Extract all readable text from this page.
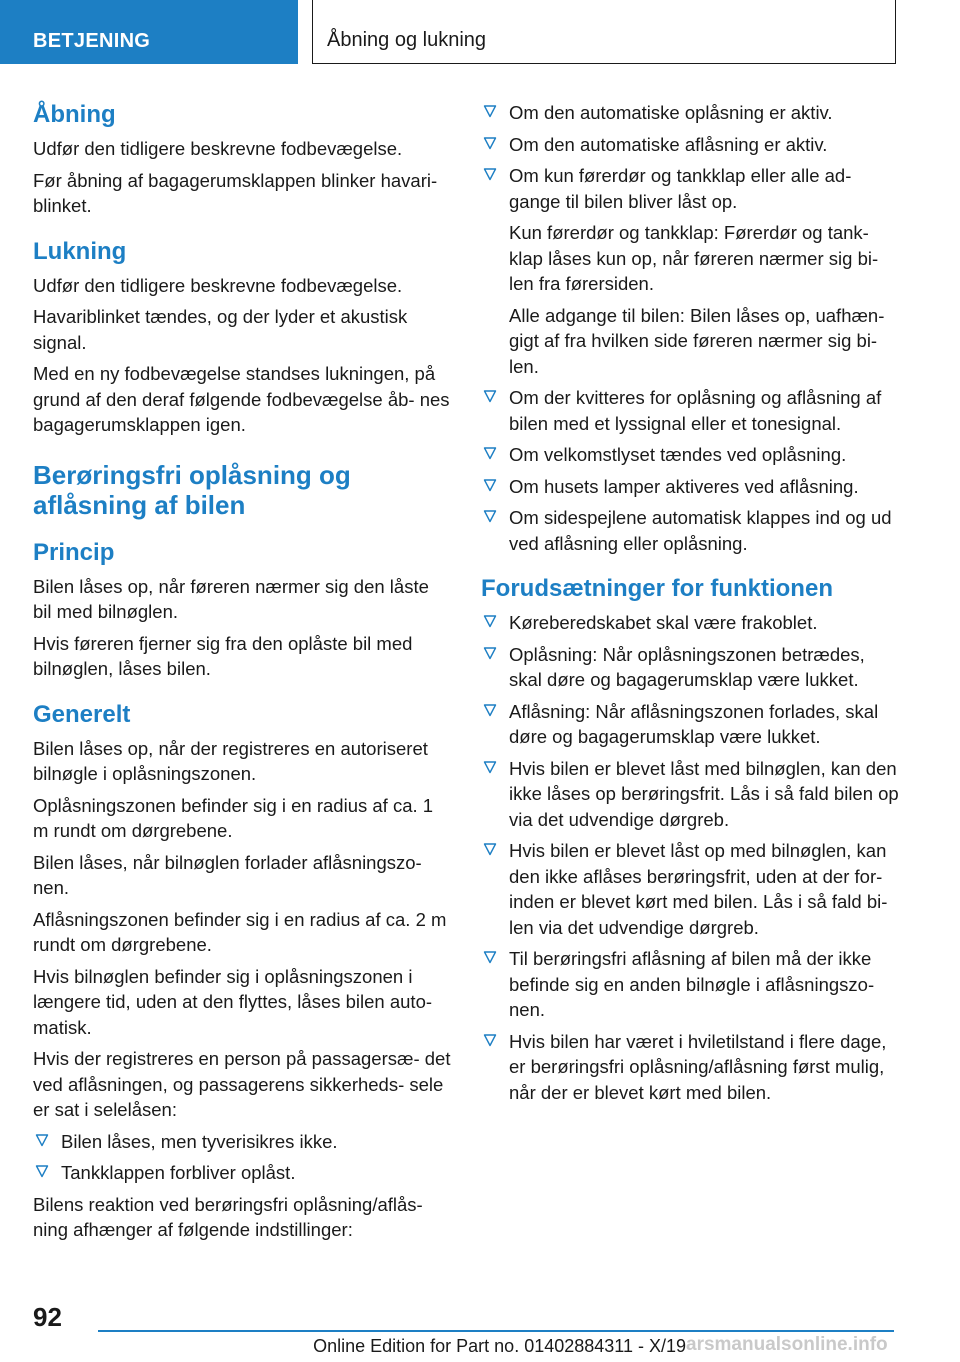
BETJENING	Åbning og lukning
Åbning
Udfør den tidligere beskrevne fodbevægelse.
Før åbning af bagagerumsklappen blinker havari- blinket.
Lukning
Udfør den tidligere beskrevne fodbevægelse.
Havariblinket tændes, og der lyder et akustisk signal.
Med en ny fodbevægelse standses lukningen, på grund af den deraf følgende fodbevægelse åb- nes bagagerumsklappen igen.
Berøringsfri oplåsning og aflåsning af bilen
Princip
Bilen låses op, når føreren nærmer sig den låste bil med bilnøglen.
Hvis føreren fjerner sig fra den oplåste bil med bilnøglen, låses bilen.
Generelt
Bilen låses op, når der registreres en autoriseret bilnøgle i oplåsningszonen.
Oplåsningszonen befinder sig i en radius af ca. 1 m rundt om dørgrebene.
Bilen låses, når bilnøglen forlader aflåsningszo- nen.
Aflåsningszonen befinder sig i en radius af ca. 2 m rundt om dørgrebene.
Hvis bilnøglen befinder sig i oplåsningszonen i længere tid, uden at den flyttes, låses bilen auto- matisk.
Hvis der registreres en person på passagersæ- det ved aflåsningen, og passagerens sikkerheds- sele er sat i selelåsen:
Bilen låses, men tyverisikres ikke.
Tankklappen forbliver oplåst.
Bilens reaktion ved berøringsfri oplåsning/aflås- ning afhænger af følgende indstillinger:
Om den automatiske oplåsning er aktiv.
Om den automatiske aflåsning er aktiv.
Om kun førerdør og tankklap eller alle ad- gange til bilen bliver låst op.
Kun førerdør og tankklap: Førerdør og tank- klap låses kun op, når føreren nærmer sig bi- len fra førersiden.
Alle adgange til bilen: Bilen låses op, uafhæn- gigt af fra hvilken side føreren nærmer sig bi- len.
Om der kvitteres for oplåsning og aflåsning af bilen med et lyssignal eller et tonesignal.
Om velkomstlyset tændes ved oplåsning.
Om husets lamper aktiveres ved aflåsning.
Om sidespejlene automatisk klappes ind og ud ved aflåsning eller oplåsning.
Forudsætninger for funktionen
Køreberedskabet skal være frakoblet.
Oplåsning: Når oplåsningszonen betrædes, skal døre og bagagerumsklap være lukket.
Aflåsning: Når aflåsningszonen forlades, skal døre og bagagerumsklap være lukket.
Hvis bilen er blevet låst med bilnøglen, kan den ikke låses op berøringsfrit. Lås i så fald bilen op via det udvendige dørgreb.
Hvis bilen er blevet låst op med bilnøglen, kan den ikke aflåses berøringsfrit, uden at der for- inden er blevet kørt med bilen. Lås i så fald bi- len via det udvendige dørgreb.
Til berøringsfri aflåsning af bilen må der ikke befinde sig en anden bilnøgle i aflåsningszo- nen.
Hvis bilen har været i hviletilstand i flere dage, er berøringsfri oplåsning/aflåsning først mulig, når der er blevet kørt med bilen.
92
Online Edition for Part no. 01402884311 - X/19 arsmanualsonline.info
